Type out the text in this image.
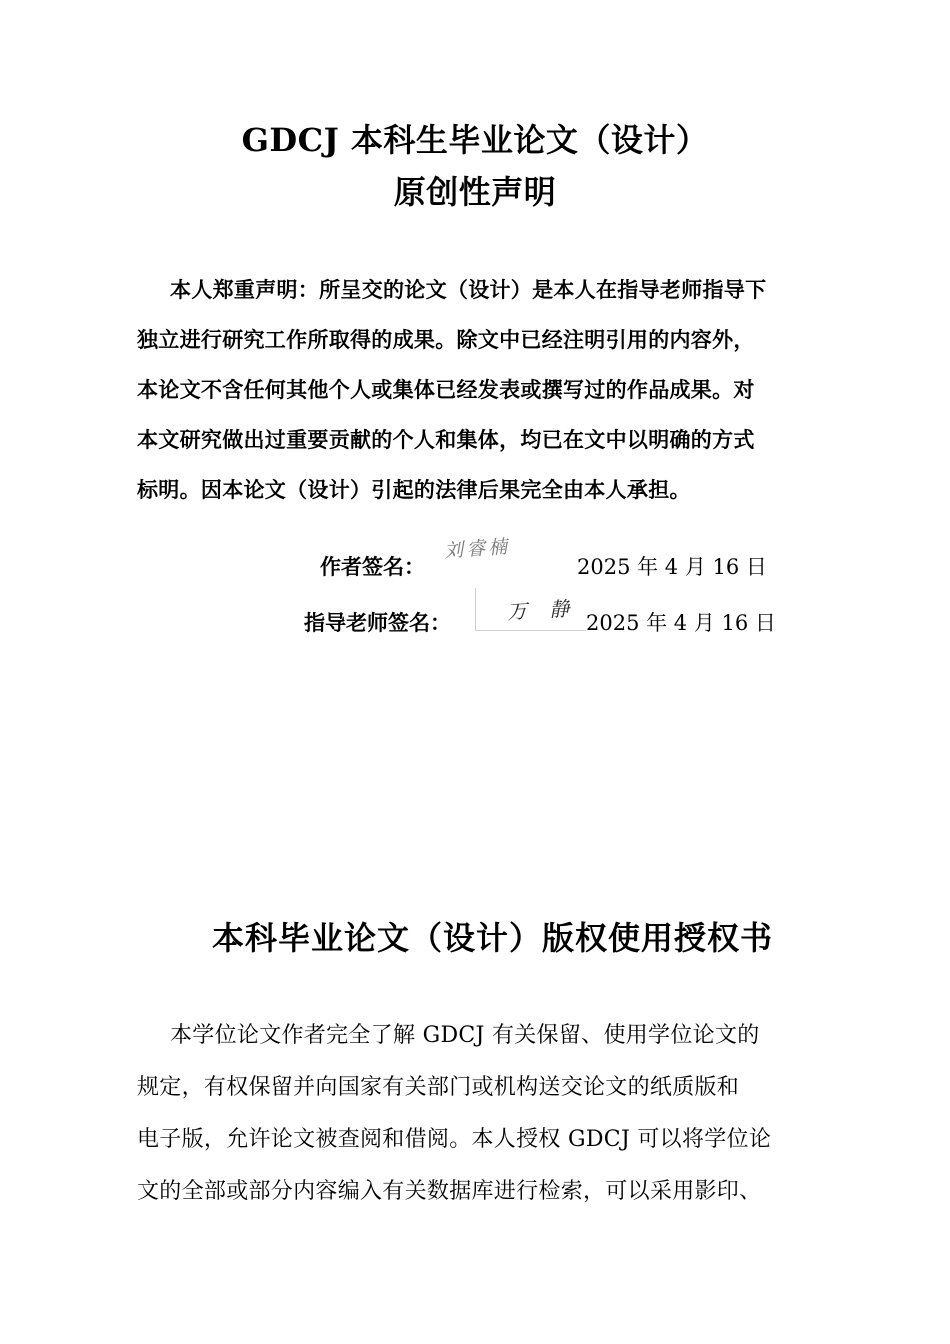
GDCJ 本科生毕业论文（设计）
原创性声明
本人郑重声明：所呈交的论文（设计）是本人在指导老师指导下
独立进行研究工作所取得的成果。除文中已经注明引用的内容外，
本论文不含任何其他个人或集体已经发表或撰写过的作品成果。对
本文研究做出过重要贡献的个人和集体，均已在文中以明确的方式
标明。因本论文（设计）引起的法律后果完全由本人承担。
作者签名：	2025 年 4 月 16 日
刘睿楠
指导老师签名：	2025 年 4 月 16 日
万 静
本科毕业论文（设计）版权使用授权书
本学位论文作者完全了解 GDCJ 有关保留、使用学位论文的
规定，有权保留并向国家有关部门或机构送交论文的纸质版和
电子版，允许论文被查阅和借阅。本人授权 GDCJ 可以将学位论
文的全部或部分内容编入有关数据库进行检索，可以采用影印、
